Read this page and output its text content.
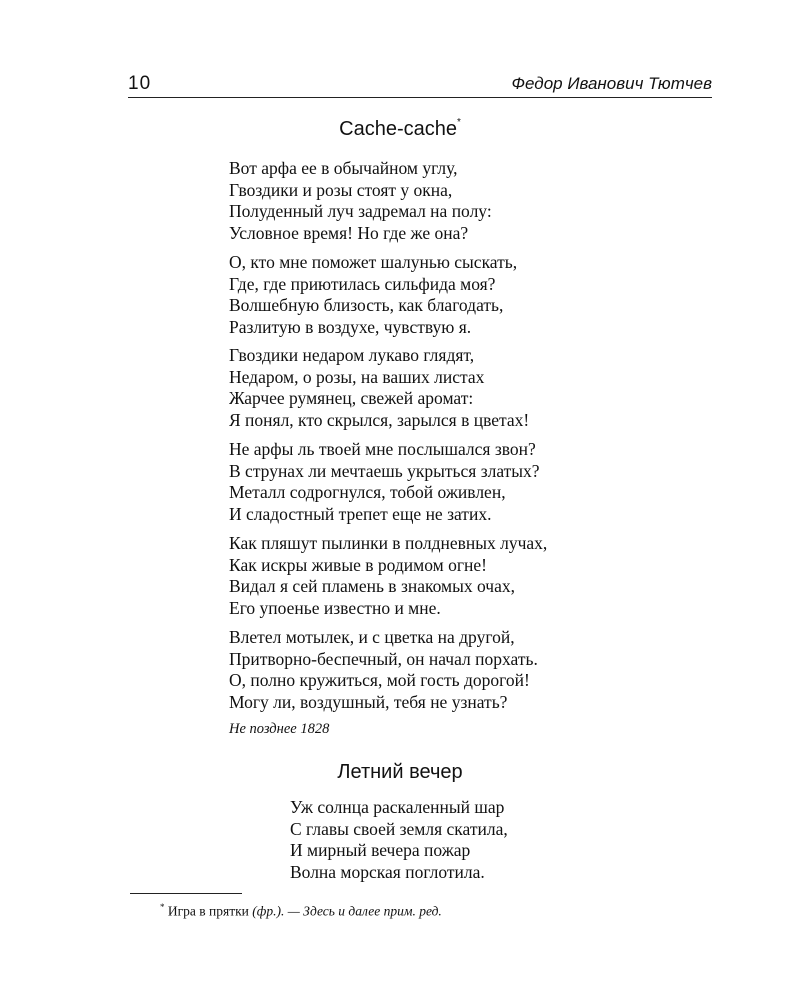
10	Федор Иванович Тютчев
Cache-cache*
Вот арфа ее в обычайном углу,
Гвоздики и розы стоят у окна,
Полуденный луч задремал на полу:
Условное время! Но где же она?
О, кто мне поможет шалунью сыскать,
Где, где приютилась сильфида моя?
Волшебную близость, как благодать,
Разлитую в воздухе, чувствую я.
Гвоздики недаром лукаво глядят,
Недаром, о розы, на ваших листах
Жарчее румянец, свежей аромат:
Я понял, кто скрылся, зарылся в цветах!
Не арфы ль твоей мне послышался звон?
В струнах ли мечтаешь укрыться златых?
Металл содрогнулся, тобой оживлен,
И сладостный трепет еще не затих.
Как пляшут пылинки в полдневных лучах,
Как искры живые в родимом огне!
Видал я сей пламень в знакомых очах,
Его упоенье известно и мне.
Влетел мотылек, и с цветка на другой,
Притворно-беспечный, он начал порхать.
О, полно кружиться, мой гость дорогой!
Могу ли, воздушный, тебя не узнать?
Не позднее 1828
Летний вечер
Уж солнца раскаленный шар
С главы своей земля скатила,
И мирный вечера пожар
Волна морская поглотила.
* Игра в прятки (фр.). — Здесь и далее прим. ред.
